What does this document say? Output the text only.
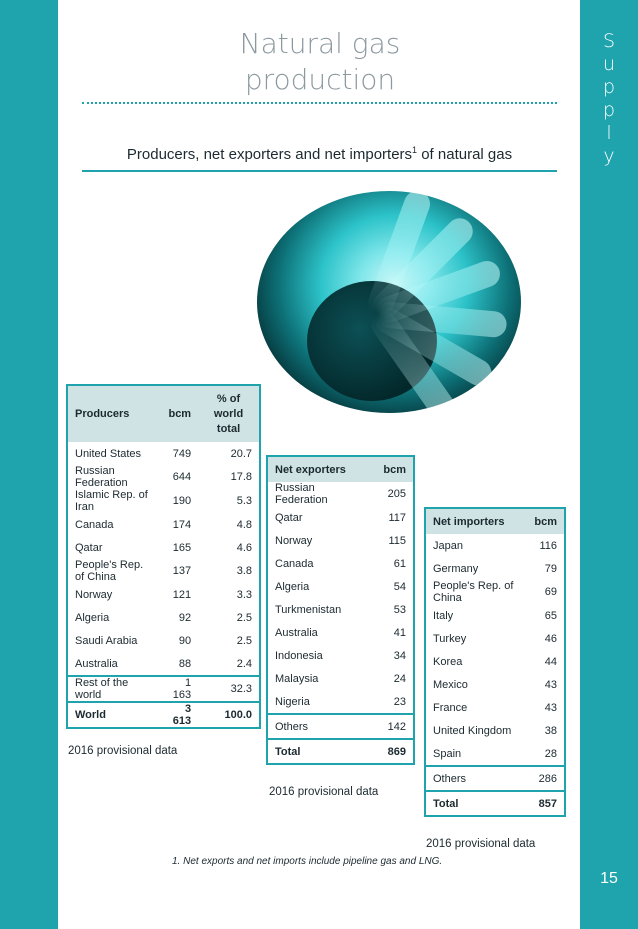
S
u
p
p
l
y
15
Natural gas production
Producers, net exporters and net importers$^1$ of natural gas
Producers	bcm	% of world total
United States	749	20.7
Russian Federation	644	17.8
Islamic Rep. of Iran	190	5.3
Canada	174	4.8
Qatar	165	4.6
People's Rep. of China	137	3.8
Norway	121	3.3
Algeria	92	2.5
Saudi Arabia	90	2.5
Australia	88	2.4
Rest of the world	1 163	32.3
World	3 613	100.0
2016 provisional data
Net exporters	bcm
Russian Federation	205
Qatar	117
Norway	115
Canada	61
Algeria	54
Turkmenistan	53
Australia	41
Indonesia	34
Malaysia	24
Nigeria	23
Others	142
Total	869
2016 provisional data
Net importers	bcm
Japan	116
Germany	79
People's Rep. of China	69
Italy	65
Turkey	46
Korea	44
Mexico	43
France	43
United Kingdom	38
Spain	28
Others	286
Total	857
2016 provisional data
1. Net exports and net imports include pipeline gas and LNG.
